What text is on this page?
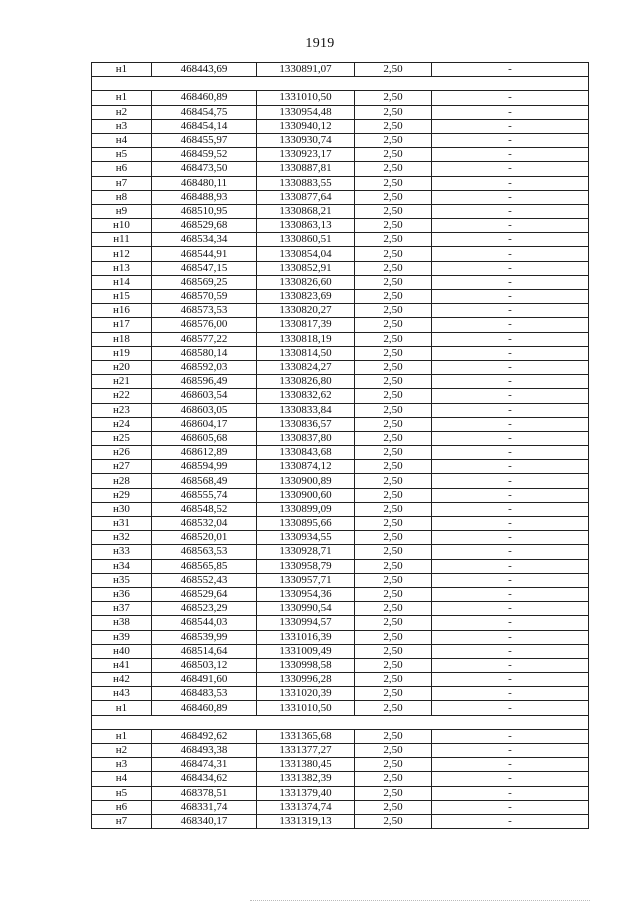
1919
н1	468443,69	1330891,07	2,50	-

н1	468460,89	1331010,50	2,50	-
н2	468454,75	1330954,48	2,50	-
н3	468454,14	1330940,12	2,50	-
н4	468455,97	1330930,74	2,50	-
н5	468459,52	1330923,17	2,50	-
н6	468473,50	1330887,81	2,50	-
н7	468480,11	1330883,55	2,50	-
н8	468488,93	1330877,64	2,50	-
н9	468510,95	1330868,21	2,50	-
н10	468529,68	1330863,13	2,50	-
н11	468534,34	1330860,51	2,50	-
н12	468544,91	1330854,04	2,50	-
н13	468547,15	1330852,91	2,50	-
н14	468569,25	1330826,60	2,50	-
н15	468570,59	1330823,69	2,50	-
н16	468573,53	1330820,27	2,50	-
н17	468576,00	1330817,39	2,50	-
н18	468577,22	1330818,19	2,50	-
н19	468580,14	1330814,50	2,50	-
н20	468592,03	1330824,27	2,50	-
н21	468596,49	1330826,80	2,50	-
н22	468603,54	1330832,62	2,50	-
н23	468603,05	1330833,84	2,50	-
н24	468604,17	1330836,57	2,50	-
н25	468605,68	1330837,80	2,50	-
н26	468612,89	1330843,68	2,50	-
н27	468594,99	1330874,12	2,50	-
н28	468568,49	1330900,89	2,50	-
н29	468555,74	1330900,60	2,50	-
н30	468548,52	1330899,09	2,50	-
н31	468532,04	1330895,66	2,50	-
н32	468520,01	1330934,55	2,50	-
н33	468563,53	1330928,71	2,50	-
н34	468565,85	1330958,79	2,50	-
н35	468552,43	1330957,71	2,50	-
н36	468529,64	1330954,36	2,50	-
н37	468523,29	1330990,54	2,50	-
н38	468544,03	1330994,57	2,50	-
н39	468539,99	1331016,39	2,50	-
н40	468514,64	1331009,49	2,50	-
н41	468503,12	1330998,58	2,50	-
н42	468491,60	1330996,28	2,50	-
н43	468483,53	1331020,39	2,50	-
н1	468460,89	1331010,50	2,50	-

н1	468492,62	1331365,68	2,50	-
н2	468493,38	1331377,27	2,50	-
н3	468474,31	1331380,45	2,50	-
н4	468434,62	1331382,39	2,50	-
н5	468378,51	1331379,40	2,50	-
н6	468331,74	1331374,74	2,50	-
н7	468340,17	1331319,13	2,50	-
